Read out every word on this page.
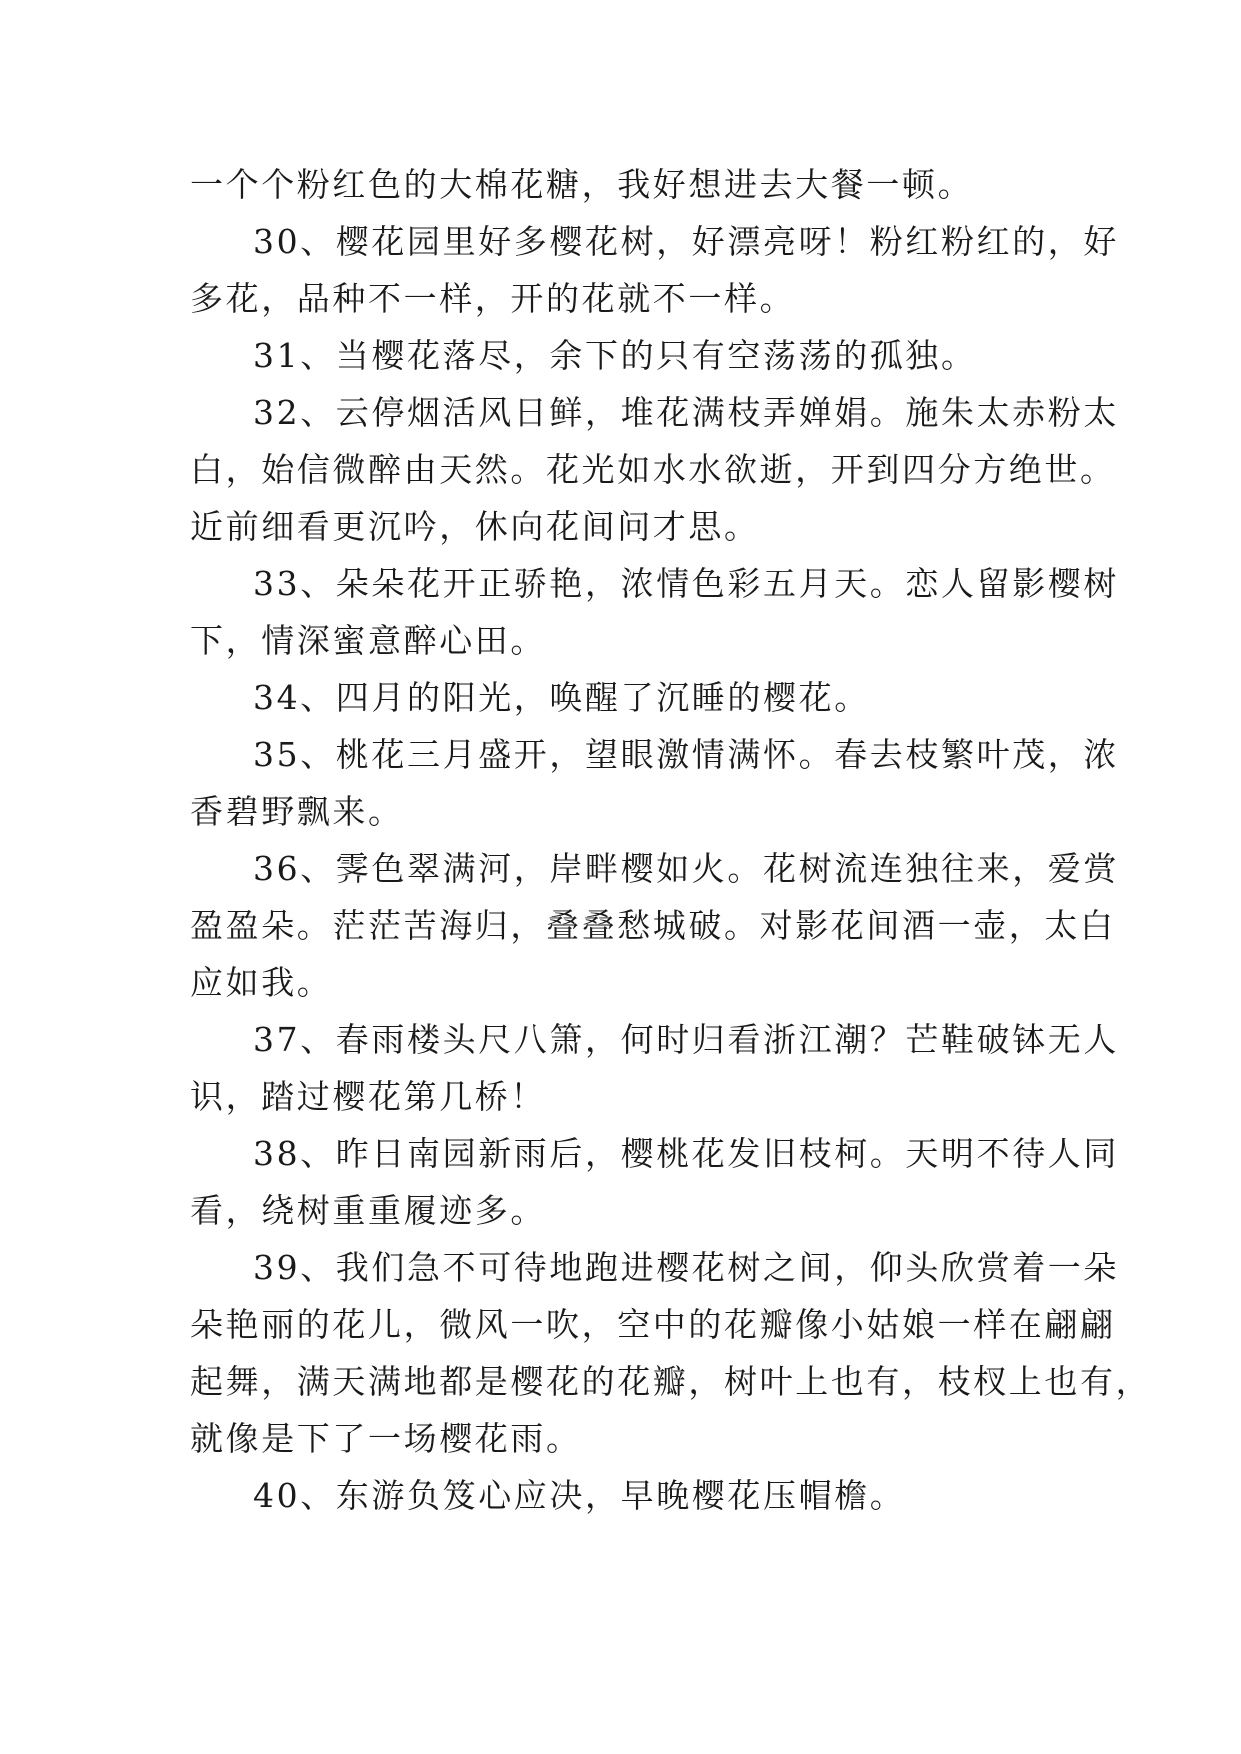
一个个粉红色的大棉花糖，我好想进去大餐一顿。
30、樱花园里好多樱花树，好漂亮呀！粉红粉红的，好
多花，品种不一样，开的花就不一样。
31、当樱花落尽，余下的只有空荡荡的孤独。
32、云停烟活风日鲜，堆花满枝弄婵娟。施朱太赤粉太
白，始信微醉由天然。花光如水水欲逝，开到四分方绝世。
近前细看更沉吟，休向花间问才思。
33、朵朵花开正骄艳，浓情色彩五月天。恋人留影樱树
下，情深蜜意醉心田。
34、四月的阳光，唤醒了沉睡的樱花。
35、桃花三月盛开，望眼激情满怀。春去枝繁叶茂，浓
香碧野飘来。
36、霁色翠满河，岸畔樱如火。花树流连独往来，爱赏
盈盈朵。茫茫苦海归，叠叠愁城破。对影花间酒一壶，太白
应如我。
37、春雨楼头尺八箫，何时归看浙江潮？芒鞋破钵无人
识，踏过樱花第几桥！
38、昨日南园新雨后，樱桃花发旧枝柯。天明不待人同
看，绕树重重履迹多。
39、我们急不可待地跑进樱花树之间，仰头欣赏着一朵
朵艳丽的花儿，微风一吹，空中的花瓣像小姑娘一样在翩翩
起舞，满天满地都是樱花的花瓣，树叶上也有，枝杈上也有，
就像是下了一场樱花雨。
40、东游负笈心应决，早晚樱花压帽檐。
